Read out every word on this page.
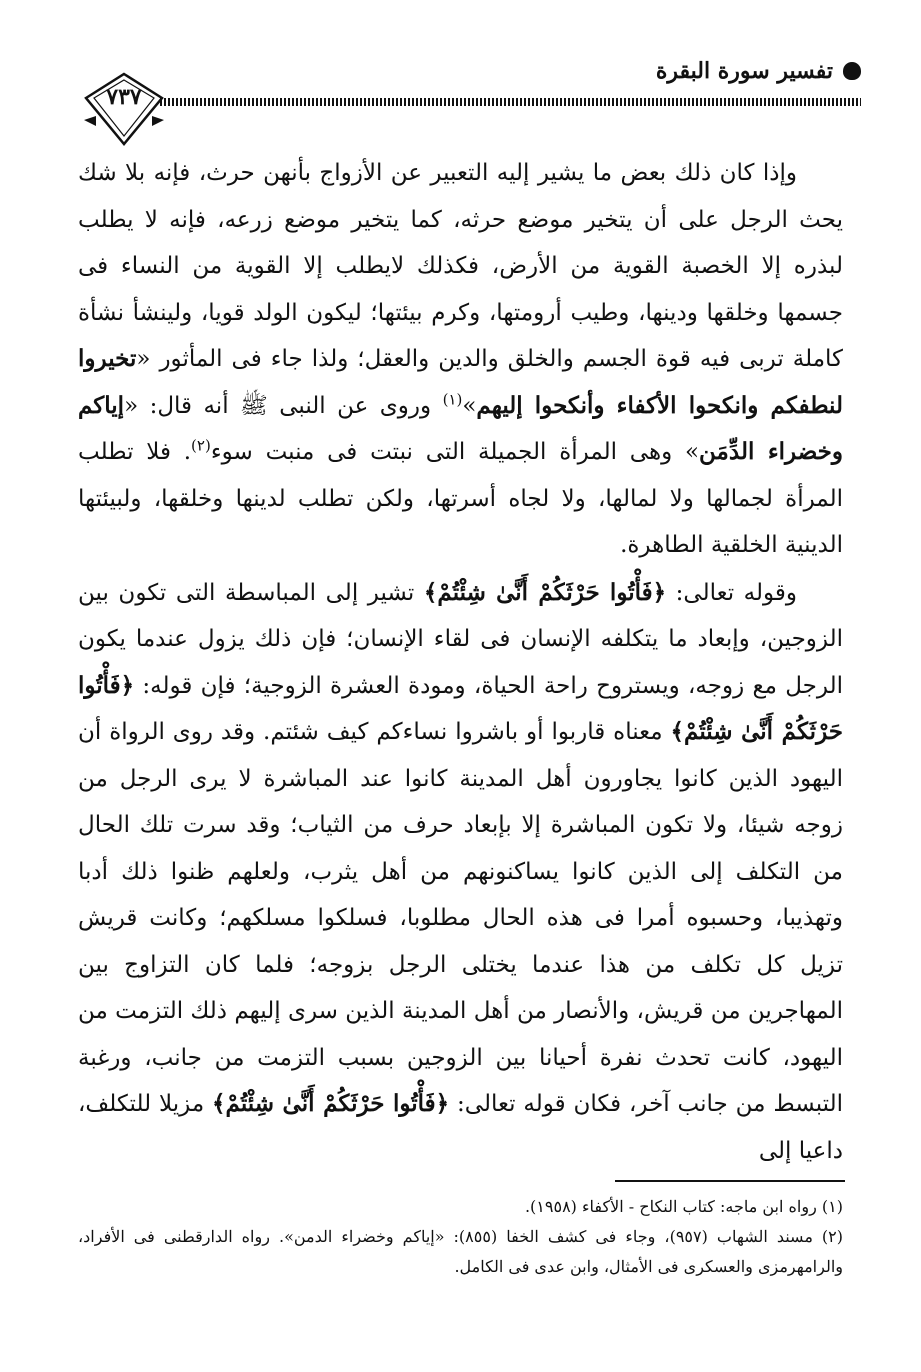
تفسير سورة البقرة
٧٣٧

وإذا كان ذلك بعض ما يشير إليه التعبير عن الأزواج بأنهن حرث، فإنه بلا شك يحث الرجل على أن يتخير موضع حرثه، كما يتخير موضع زرعه، فإنه لا يطلب لبذره إلا الخصبة القوية من الأرض، فكذلك لايطلب إلا القوية من النساء فى جسمها وخلقها ودينها، وطيب أرومتها، وكرم بيئتها؛ ليكون الولد قويا، ولينشأ نشأة كاملة تربى فيه قوة الجسم والخلق والدين والعقل؛ ولذا جاء فى المأثور «تخيروا لنطفكم وانكحوا الأكفاء وأنكحوا إليهم»$^{(١)}$ وروى عن النبى ﷺ أنه قال: «إياكم وخضراء الدِّمَن» وهى المرأة الجميلة التى نبتت فى منبت سوء$^{(٢)}$. فلا تطلب المرأة لجمالها ولا لمالها، ولا لجاه أسرتها، ولكن تطلب لدينها وخلقها، ولبيئتها الدينية الخلقية الطاهرة.

وقوله تعالى: ﴿فَأْتُوا حَرْثَكُمْ أَنَّىٰ شِئْتُمْ﴾ تشير إلى المباسطة التى تكون بين الزوجين، وإبعاد ما يتكلفه الإنسان فى لقاء الإنسان؛ فإن ذلك يزول عندما يكون الرجل مع زوجه، ويستروح راحة الحياة، ومودة العشرة الزوجية؛ فإن قوله: ﴿فَأْتُوا حَرْثَكُمْ أَنَّىٰ شِئْتُمْ﴾ معناه قاربوا أو باشروا نساءكم كيف شئتم. وقد روى الرواة أن اليهود الذين كانوا يجاورون أهل المدينة كانوا عند المباشرة لا يرى الرجل من زوجه شيئا، ولا تكون المباشرة إلا بإبعاد حرف من الثياب؛ وقد سرت تلك الحال من التكلف إلى الذين كانوا يساكنونهم من أهل يثرب، ولعلهم ظنوا ذلك أدبا وتهذيبا، وحسبوه أمرا فى هذه الحال مطلوبا، فسلكوا مسلكهم؛ وكانت قريش تزيل كل تكلف من هذا عندما يختلى الرجل بزوجه؛ فلما كان التزاوج بين المهاجرين من قريش، والأنصار من أهل المدينة الذين سرى إليهم ذلك التزمت من اليهود، كانت تحدث نفرة أحيانا بين الزوجين بسبب التزمت من جانب، ورغبة التبسط من جانب آخر، فكان قوله تعالى: ﴿فَأْتُوا حَرْثَكُمْ أَنَّىٰ شِئْتُمْ﴾ مزيلا للتكلف، داعيا إلى

(١) رواه ابن ماجه: كتاب النكاح - الأكفاء (١٩٥٨).

(٢) مسند الشهاب (٩٥٧)، وجاء فى كشف الخفا (٨٥٥): «إياكم وخضراء الدمن». رواه الدارقطنى فى الأفراد، والرامهرمزى والعسكرى فى الأمثال، وابن عدى فى الكامل.
